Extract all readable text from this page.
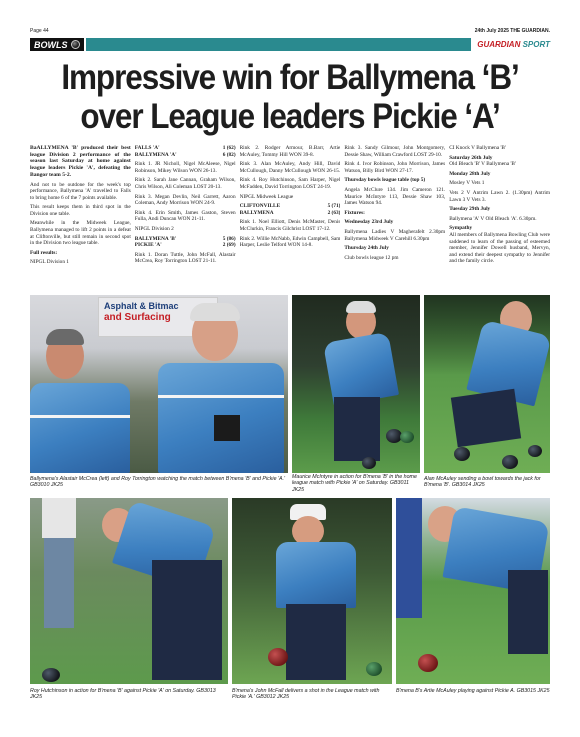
Page 44	24th July 2025 THE GUARDIAN.
BOWLS	GUARDIAN SPORT
Impressive win for Ballymena ‘B’
over League leaders Pickie ‘A’

BaALLYMENA 'B' produced their best league Division 2 performance of the season last Saturday at home against league leaders Pickie 'A', defeating the Bangor team 5-2.

And not to be outdone for the week's top performance, Ballymena 'A' travelled to Falls to bring home 6 of the 7 points available.

This result keeps them in third spot in the Division one table.

Meanwhile in the Midweek League, Ballymena managed to lift 2 points in a defeat at Cliftonville, but still remain in second spot in the Division two league table.

Full results:

NIPGL Division 1

FALLS 'A'	1 (62)
BALLYMENA 'A'	6 (82)

Rink 1. JR Nicholl, Nigel McAleese, Nigel Robinson, Mikey Wilson WON 26-13.

Rink 2. Sarah Jane Cannan, Graham Wilson, Chris Wilson, Ali Coleman LOST 20-13.

Rink 3. Megan Devlin, Neil Garrett, Aaron Coleman, Andy Morrison WON 24-9.

Rink 4. Erin Smith, James Gaston, Steven Fulla, Andi Duncan WON 21-11.

NIPGL Division 2

BALLYMENA 'B'	5 (86)
PICKIE 'A'	2 (69)

Rink 1. Doran Tuttle, John McFall, Alastair McCrea, Roy Torrington LOST 21-11.

Rink 2. Rodger Armour, B.Barr, Artie McAuley, Tommy Hill WON 39-8.

Rink 3. Alan McAuley, Andy Hill, David McCullough, Danny McCullough WON 26-15.

Rink 4. Roy Hutchinson, Sam Harper, Nigel McFadden, David Torrington LOST 24-19.

NIPGL Midweek League

CLIFTONVILLE	5 (71)
BALLYMENA	2 (63)

Rink 1. Noel Elliott, Denis McMaster, Denis McClurkin, Francis Gilchrist LOST 17-12.

Rink 2. Willie McNabb, Edwin Campbell, Sam Harper, Leslie Telford WON 14-8.

Rink 3. Sandy Gilmour, John Montgomery, Dessie Shaw, William Crawford LOST 29-10.

Rink 4. Ivor Robinson, John Morrison, James Watson, Billy Bird WON 27-17.

Thursday bowls league table (top 5)

Angela McClure 134. Jim Cameron 121. Maurice McIntyre 113, Dessie Shaw 103, James Watson 94.

Fixtures:

Wednesday 23rd July

Ballymena Ladies V Magherafelt 2.30pm Ballymena Midweek V Carehill 6.30pm

Thursday 24th July

Club bowls league 12 pm

CI Knock V Ballymena 'B'

Saturday 26th July

Old Bleach 'B' V Ballymena 'B'

Monday 28th July

Mosley V Vets 1

Vets 2 V Antrim Lawn 2. (1.30pm) Antrim Lawn 3 V Vets 3.

Tuesday 29th July

Ballymena 'A' V Old Bleach 'A'. 6.30pm.

Sympathy

All members of Ballymena Bowling Club were saddened to learn of the passing of esteemed member, Jennifer Dowell husband, Mervyn, and extend their deepest sympathy to Jennifer and the family circle.

Asphalt & Bitmac
and Surfacing
Ballymena's Alastair McCrea (left) and Roy Torrington watching the match between B'mena 'B' and Pickie 'A.' GB3010 JK25
Maurice McIntyre in action for B'mena 'B' in the home league match with Pickie 'A' on Saturday. GB3011 JK25
Alan McAuley sending a bowl towards the jack for B'mena 'B'. GB3014 JK25
Roy Hutchinson in action for B'mena 'B' against Pickie 'A' on Saturday. GB3013 JK25
B'mena's John McFall delivers a shot in the League match with Pickie 'A.' GB3012 JK25
B'mena B's Artie McAuley playing against Pickie A. GB3015 JK25
